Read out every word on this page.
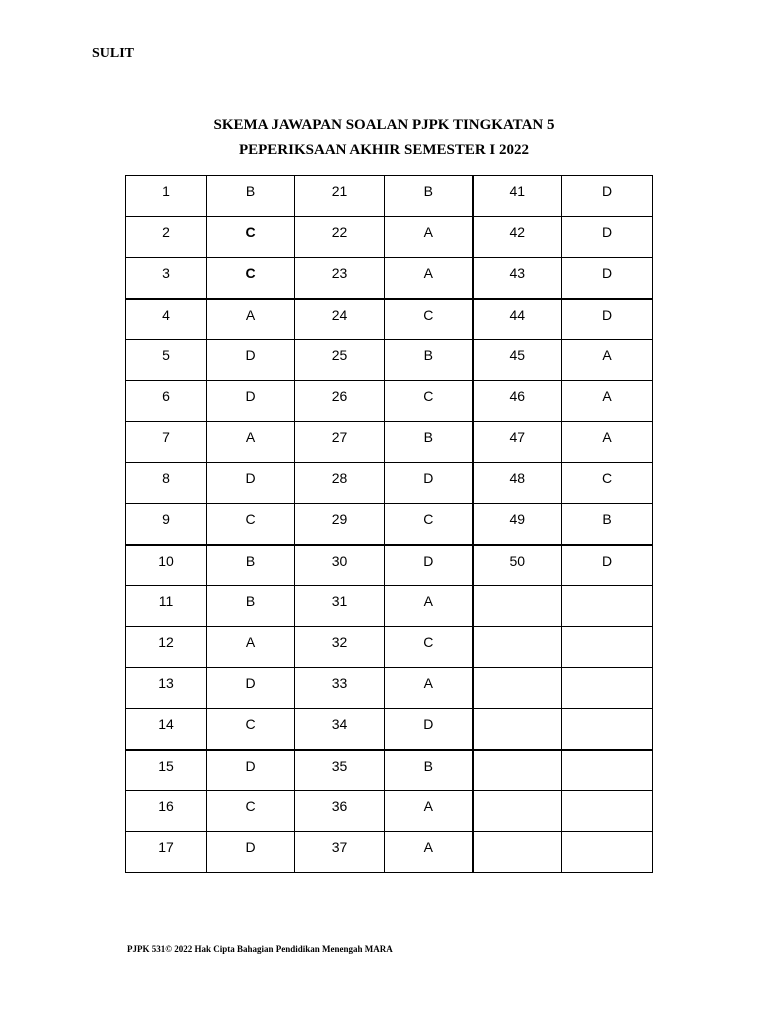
SULIT
SKEMA JAWAPAN SOALAN PJPK TINGKATAN 5
PEPERIKSAAN AKHIR SEMESTER I 2022
1	B	21	B	41	D

2	C	22	A	42	D

3	C	23	A	43	D

4	A	24	C	44	D

5	D	25	B	45	A

6	D	26	C	46	A

7	A	27	B	47	A

8	D	28	D	48	C

9	C	29	C	49	B

10	B	30	D	50	D

11	B	31	A		

12	A	32	C		

13	D	33	A		

14	C	34	D		

15	D	35	B		

16	C	36	A		

17	D	37	A		

PJPK 531© 2022 Hak Cipta Bahagian Pendidikan Menengah MARA
